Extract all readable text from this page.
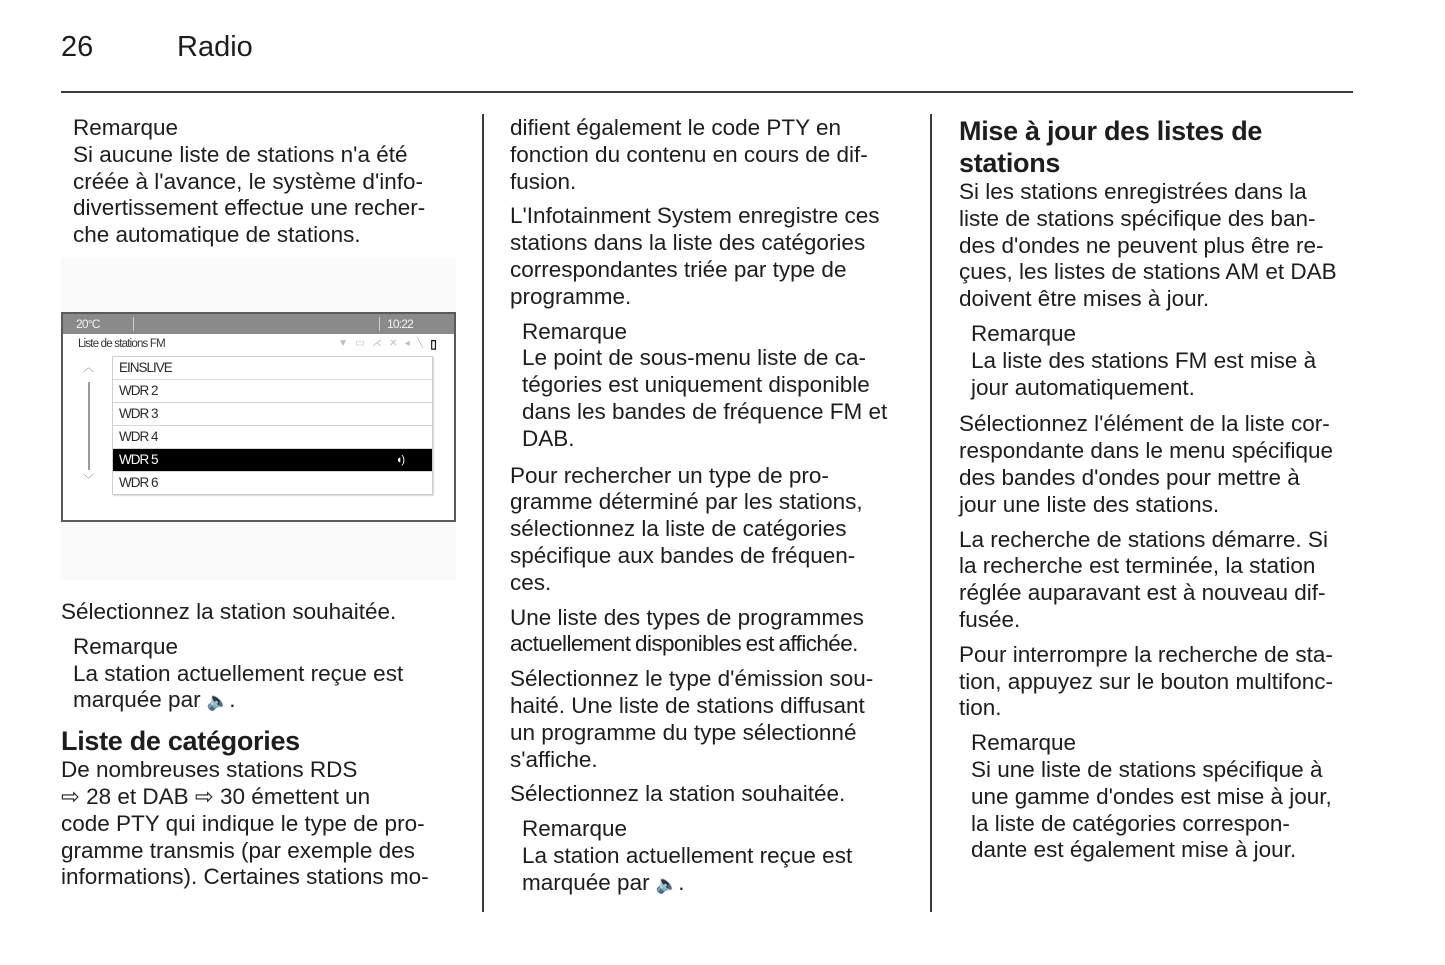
26	Radio
Remarque

Si aucune liste de stations n'a été

créée à l'avance, le système d'info-

divertissement effectue une recher-

che automatique de stations.

20°C	10:22
Liste de stations FM	▼ ▭ ⋌ ✕ ◂ ╲ ▯
︿
﹀
EINSLIVE
WDR 2
WDR 3
WDR 4
WDR 5	◖)
WDR 6

Sélectionnez la station souhaitée.

Remarque

La station actuellement reçue est

marquée par 🔈.

Liste de catégories

De nombreuses stations RDS

⇨ 28 et DAB ⇨ 30 émettent un

code PTY qui indique le type de pro-

gramme transmis (par exemple des

informations). Certaines stations mo-

difient également le code PTY en

fonction du contenu en cours de dif-

fusion.

L'Infotainment System enregistre ces

stations dans la liste des catégories

correspondantes triée par type de

programme.

Remarque

Le point de sous-menu liste de ca-

tégories est uniquement disponible

dans les bandes de fréquence FM et

DAB.

Pour rechercher un type de pro-

gramme déterminé par les stations,

sélectionnez la liste de catégories

spécifique aux bandes de fréquen-

ces.

Une liste des types de programmes

actuellement disponibles est affichée.

Sélectionnez le type d'émission sou-

haité. Une liste de stations diffusant

un programme du type sélectionné

s'affiche.

Sélectionnez la station souhaitée.

Remarque

La station actuellement reçue est

marquée par 🔈.

Mise à jour des listes de stations

Si les stations enregistrées dans la

liste de stations spécifique des ban-

des d'ondes ne peuvent plus être re-

çues, les listes de stations AM et DAB

doivent être mises à jour.

Remarque

La liste des stations FM est mise à

jour automatiquement.

Sélectionnez l'élément de la liste cor-

respondante dans le menu spécifique

des bandes d'ondes pour mettre à

jour une liste des stations.

La recherche de stations démarre. Si

la recherche est terminée, la station

réglée auparavant est à nouveau dif-

fusée.

Pour interrompre la recherche de sta-

tion, appuyez sur le bouton multifonc-

tion.

Remarque

Si une liste de stations spécifique à

une gamme d'ondes est mise à jour,

la liste de catégories correspon-

dante est également mise à jour.
